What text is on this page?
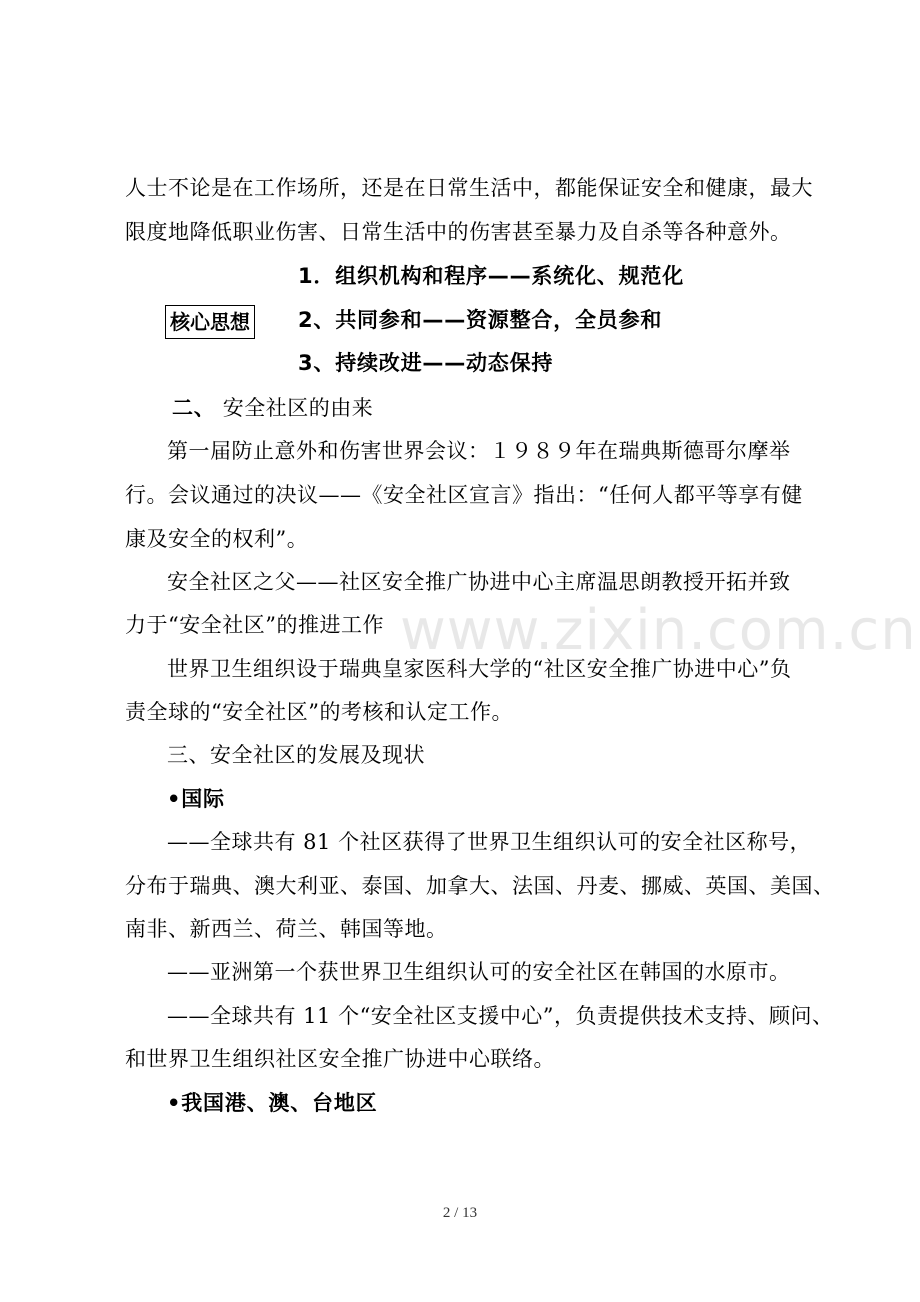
人士不论是在工作场所，还是在日常生活中，都能保证安全和健康，最大
限度地降低职业伤害、日常生活中的伤害甚至暴力及自杀等各种意外。
1．组织机构和程序——系统化、规范化
核心思想 2、共同参和——资源整合，全员参和
3、持续改进——动态保持
二、 安全社区的由来
第一届防止意外和伤害世界会议：１９８９年在瑞典斯德哥尔摩举
行。会议通过的决议——《安全社区宣言》指出：“任何人都平等享有健
康及安全的权利”。
安全社区之父——社区安全推广协进中心主席温思朗教授开拓并致
力于“安全社区”的推进工作
世界卫生组织设于瑞典皇家医科大学的“社区安全推广协进中心”负
责全球的“安全社区”的考核和认定工作。
三、安全社区的发展及现状
•国际
——全球共有 81 个社区获得了世界卫生组织认可的安全社区称号，
分布于瑞典、澳大利亚、泰国、加拿大、法国、丹麦、挪威、英国、美国、
南非、新西兰、荷兰、韩国等地。
——亚洲第一个获世界卫生组织认可的安全社区在韩国的水原市。
——全球共有 11 个“安全社区支援中心”，负责提供技术支持、顾问、
和世界卫生组织社区安全推广协进中心联络。
•我国港、澳、台地区
www.zixin.com.cn
2 / 13
